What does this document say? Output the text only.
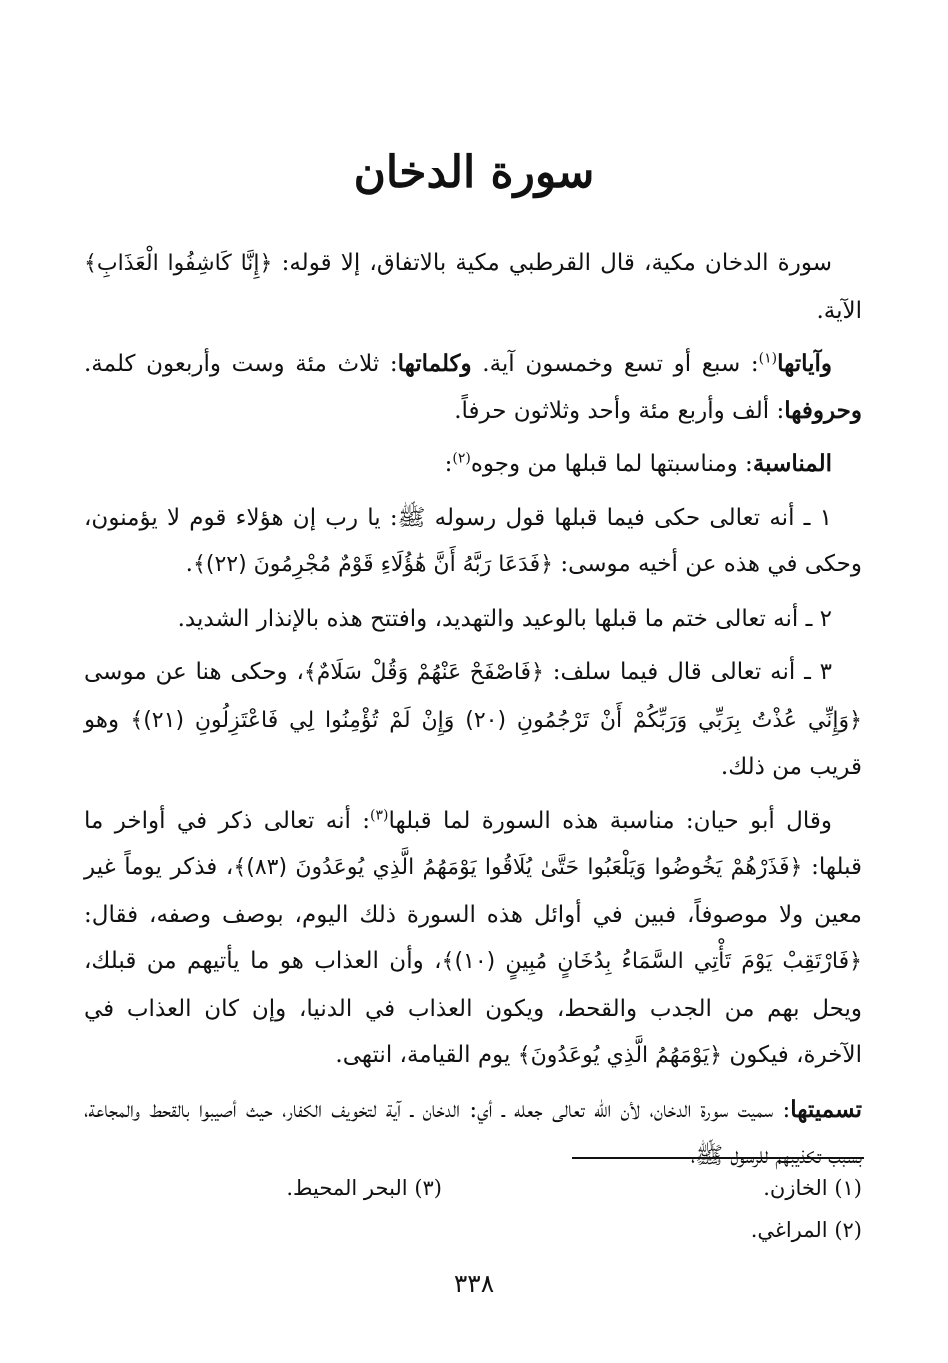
سورة الدخان

سورة الدخان مكية، قال القرطبي مكية بالاتفاق، إلا قوله: ﴿إِنَّا كَاشِفُوا الْعَذَابِ﴾ الآية.

وآياتها$^{(١)}$: سبع أو تسع وخمسون آية. وكلماتها: ثلاث مئة وست وأربعون كلمة. وحروفها: ألف وأربع مئة وأحد وثلاثون حرفاً.

المناسبة: ومناسبتها لما قبلها من وجوه$^{(٢)}$:

١ ـ أنه تعالى حكى فيما قبلها قول رسوله ﷺ: يا رب إن هؤلاء قوم لا يؤمنون، وحكى في هذه عن أخيه موسى: ﴿فَدَعَا رَبَّهُ أَنَّ هَٰؤُلَاءِ قَوْمٌ مُجْرِمُونَ (٢٢)﴾.

٢ ـ أنه تعالى ختم ما قبلها بالوعيد والتهديد، وافتتح هذه بالإنذار الشديد.

٣ ـ أنه تعالى قال فيما سلف: ﴿فَاصْفَحْ عَنْهُمْ وَقُلْ سَلَامٌ﴾، وحكى هنا عن موسى ﴿وَإِنِّي عُذْتُ بِرَبِّي وَرَبِّكُمْ أَنْ تَرْجُمُونِ (٢٠) وَإِنْ لَمْ تُؤْمِنُوا لِي فَاعْتَزِلُونِ (٢١)﴾ وهو قريب من ذلك.

وقال أبو حيان: مناسبة هذه السورة لما قبلها$^{(٣)}$: أنه تعالى ذكر في أواخر ما قبلها: ﴿فَذَرْهُمْ يَخُوضُوا وَيَلْعَبُوا حَتَّىٰ يُلَاقُوا يَوْمَهُمُ الَّذِي يُوعَدُونَ (٨٣)﴾، فذكر يوماً غير معين ولا موصوفاً، فبين في أوائل هذه السورة ذلك اليوم، بوصف وصفه، فقال: ﴿فَارْتَقِبْ يَوْمَ تَأْتِي السَّمَاءُ بِدُخَانٍ مُبِينٍ (١٠)﴾، وأن العذاب هو ما يأتيهم من قبلك، ويحل بهم من الجدب والقحط، ويكون العذاب في الدنيا، وإن كان العذاب في الآخرة، فيكون ﴿يَوْمَهُمُ الَّذِي يُوعَدُونَ﴾ يوم القيامة، انتهى.

تسميتها: سميت سورة الدخان، لأن الله تعالى جعله ـ أي: الدخان ـ آية لتخويف الكفار، حيث أصيبوا بالقحط والمجاعة، بسبب تكذيبهم للرسول ﷺ،

(١) الخازن.
(٣) البحر المحيط.
(٢) المراغي.
٣٣٨
